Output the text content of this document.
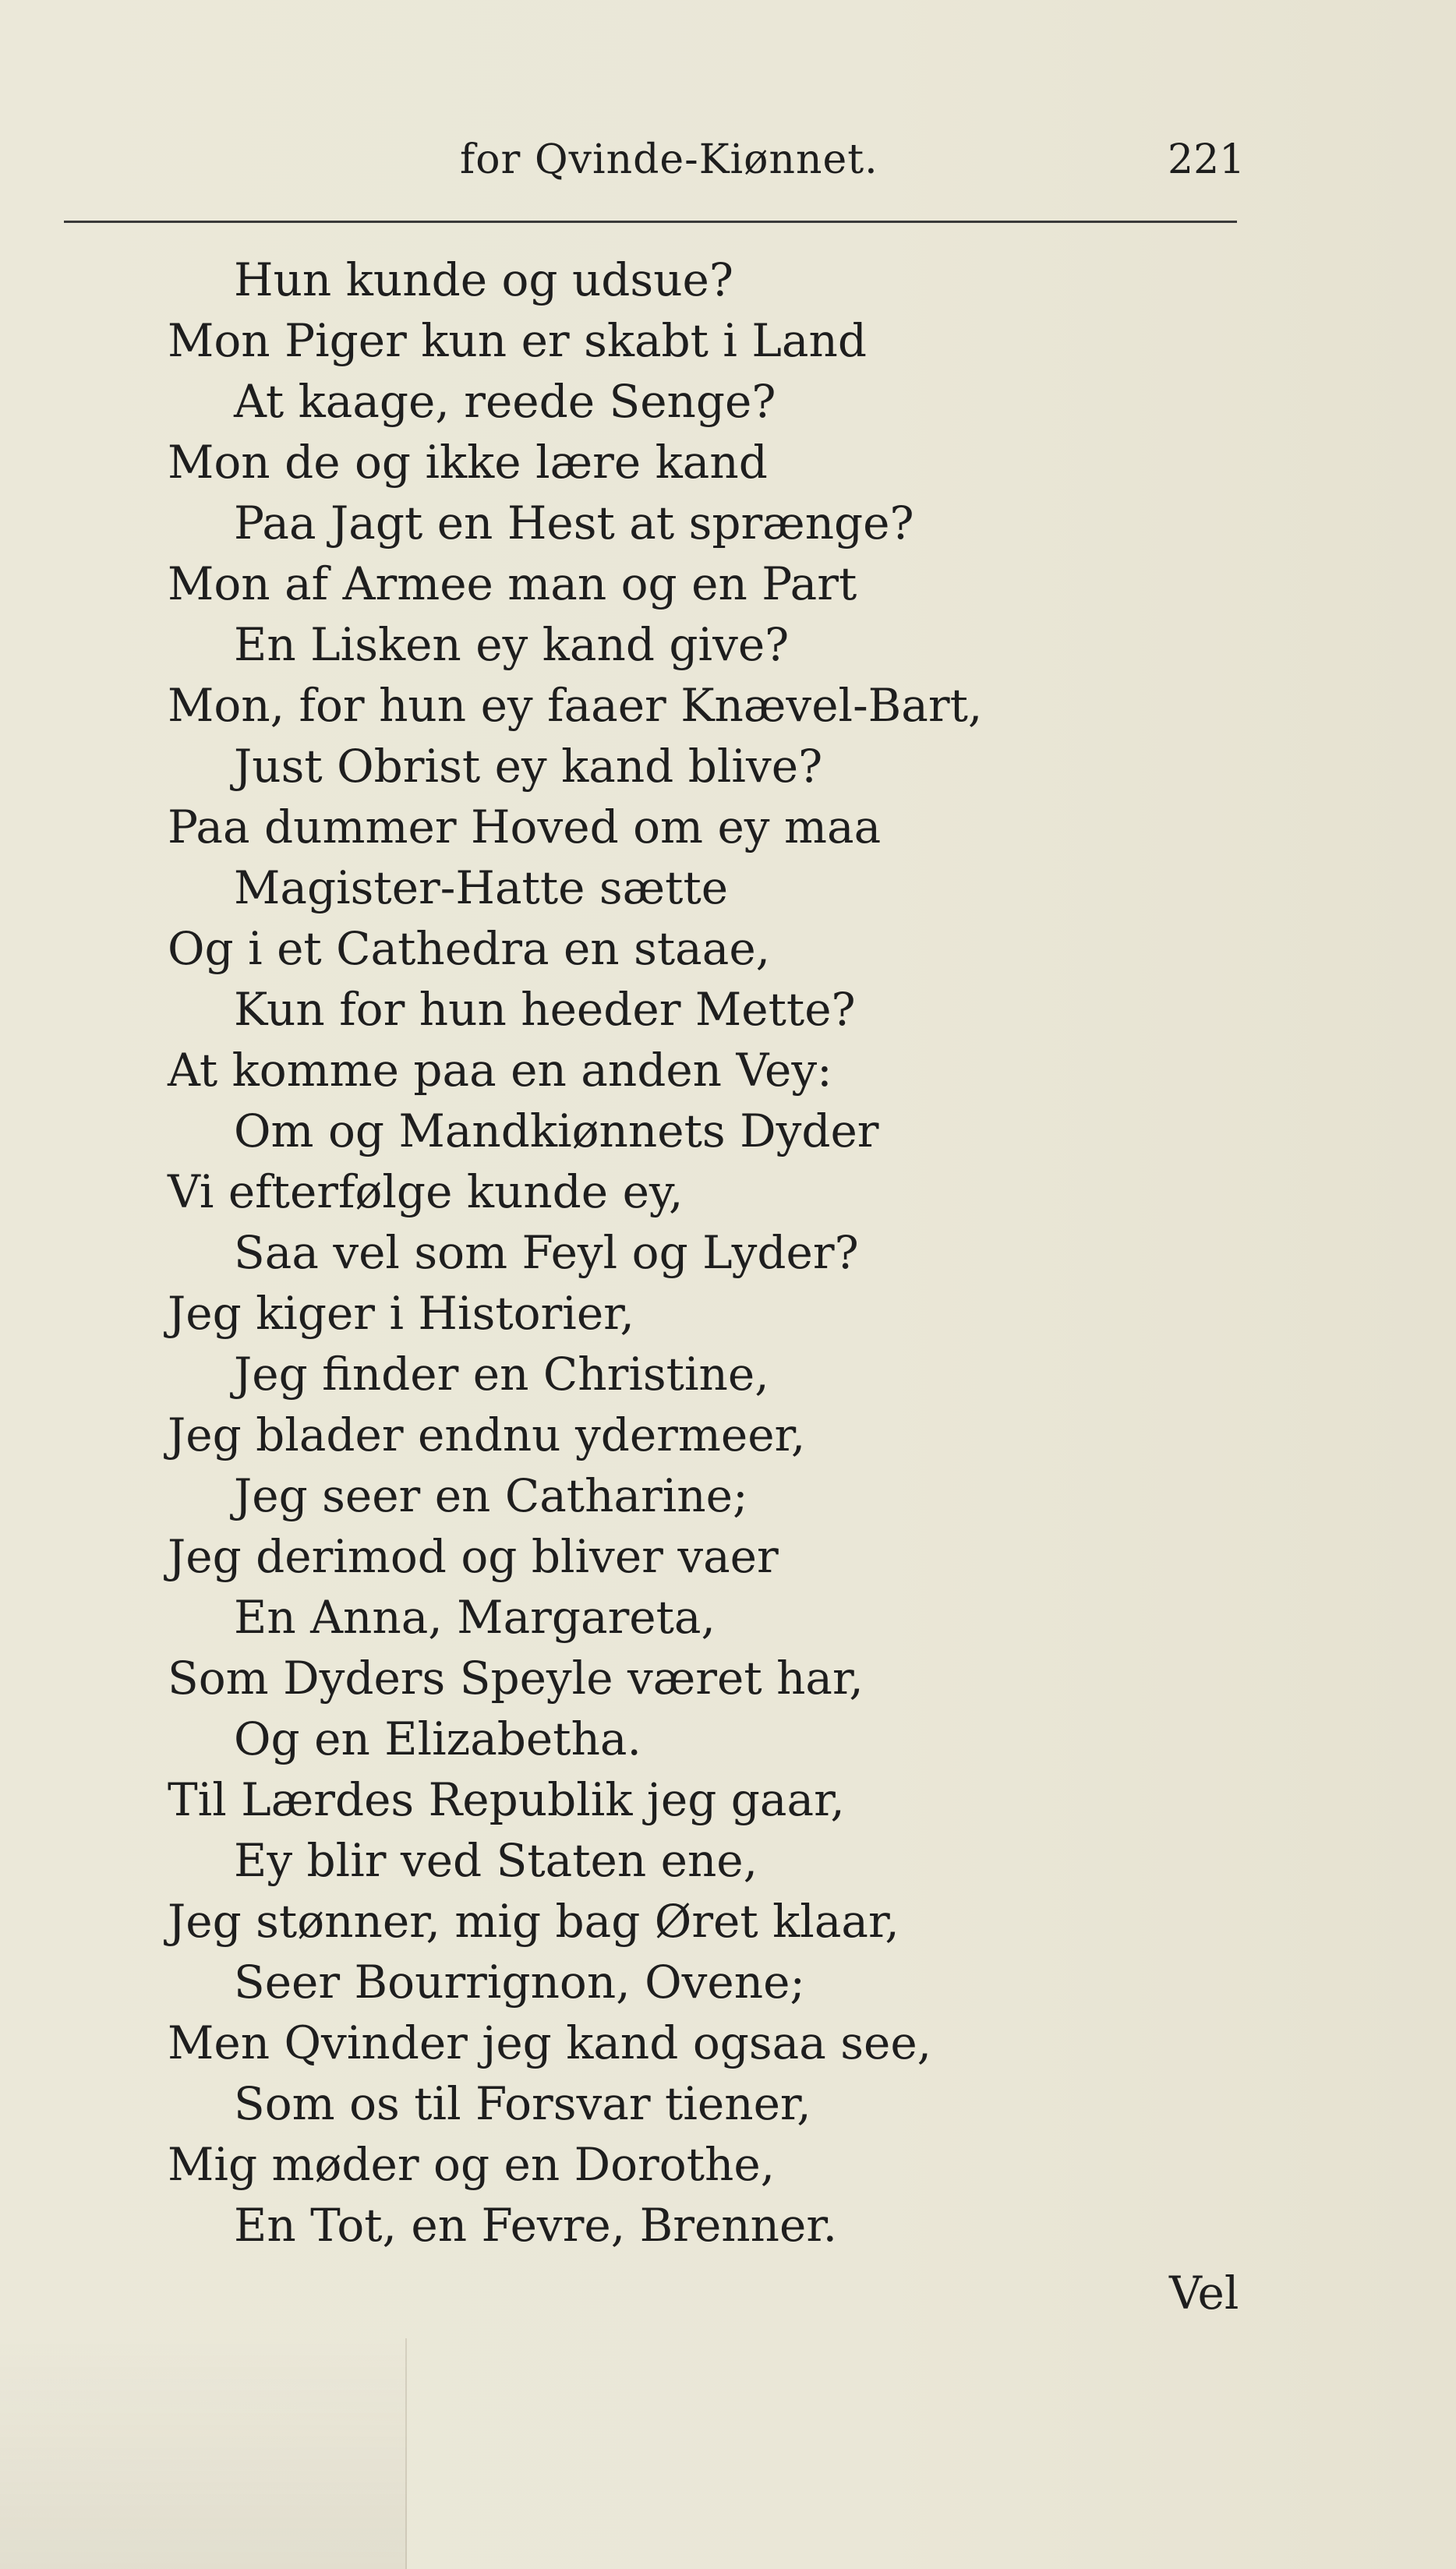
for Qvinde-Kiønnet.	221
Hun kunde og udsue?
Mon Piger kun er skabt i Land
At kaage, reede Senge?
Mon de og ikke lære kand
Paa Jagt en Hest at sprænge?
Mon af Armee man og en Part
En Lisken ey kand give?
Mon, for hun ey faaer Knævel-Bart,
Just Obrist ey kand blive?
Paa dummer Hoved om ey maa
Magister-Hatte sætte
Og i et Cathedra en staae,
Kun for hun heeder Mette?
At komme paa en anden Vey:
Om og Mandkiønnets Dyder
Vi efterfølge kunde ey,
Saa vel som Feyl og Lyder?
Jeg kiger i Historier,
Jeg finder en Christine,
Jeg blader endnu ydermeer,
Jeg seer en Catharine;
Jeg derimod og bliver vaer
En Anna, Margareta,
Som Dyders Speyle været har,
Og en Elizabetha.
Til Lærdes Republik jeg gaar,
Ey blir ved Staten ene,
Jeg stønner, mig bag Øret klaar,
Seer Bourrignon, Ovene;
Men Qvinder jeg kand ogsaa see,
Som os til Forsvar tiener,
Mig møder og en Dorothe,
En Tot, en Fevre, Brenner.
Vel
